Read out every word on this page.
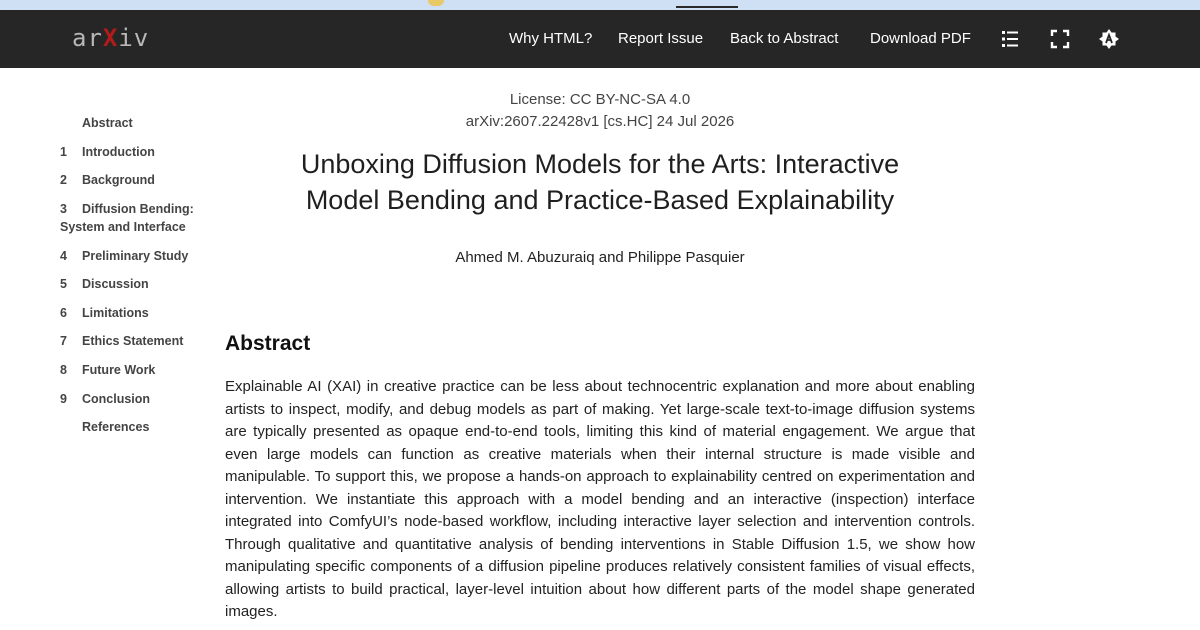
arXiv	Why HTML? Report Issue Back to Abstract Download PDF
Abstract
1 Introduction
2 Background
3 Diffusion Bending:
System and Interface
4 Preliminary Study
5 Discussion
6 Limitations
7 Ethics Statement
8 Future Work
9 Conclusion
References
License: CC BY-NC-SA 4.0
arXiv:2607.22428v1 [cs.HC] 24 Jul 2026
Unboxing Diffusion Models for the Arts: Interactive Model Bending and Practice-Based Explainability
Ahmed M. Abuzuraiq and Philippe Pasquier
Abstract

Explainable AI (XAI) in creative practice can be less about technocentric explanation and more about enabling artists to inspect, modify, and debug models as part of making. Yet large-scale text-to-image diffusion systems are typically presented as opaque end-to-end tools, limiting this kind of material engagement. We argue that even large models can function as creative materials when their internal structure is made visible and manipulable. To support this, we propose a hands-on approach to explainability centred on experimentation and intervention. We instantiate this approach with a model bending and an interactive (inspection) interface integrated into ComfyUI’s node-based workflow, including interactive layer selection and intervention controls. Through qualitative and quantitative analysis of bending interventions in Stable Diffusion 1.5, we show how manipulating specific components of a diffusion pipeline produces relatively consistent families of visual effects, allowing artists to build practical, layer-level intuition about how different parts of the model shape generated images.
